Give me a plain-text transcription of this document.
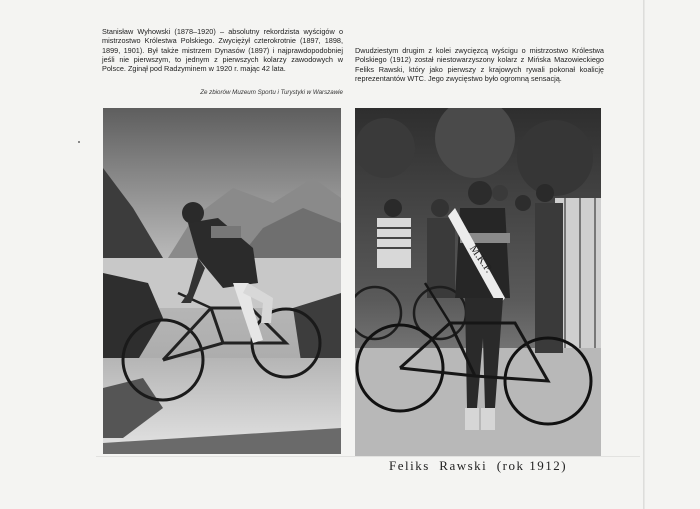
Stanisław Wyhowski (1878–1920) – absolutny rekordzista wyścigów o mistrzostwo Królestwa Polskiego. Zwyciężył czterokrotnie (1897, 1898, 1899, 1901). Był także mistrzem Dynasów (1897) i najprawdopodobniej jeśli nie pierwszym, to jednym z pierwszych kolarzy zawodowych w Polsce. Zginął pod Radzyminem w 1920 r. mając 42 lata.

Ze zbiorów Muzeum Sportu i Turystyki w Warszawie

Dwudziestym drugim z kolei zwycięzcą wyścigu o mistrzostwo Królestwa Polskiego (1912) został niestowarzyszony kolarz z Mińska Mazowieckiego Feliks Rawski, który jako pierwszy z krajowych rywali pokonał koalicję reprezentantów WTC. Jego zwycięstwo było ogromną sensacją.

M.K.P.
Feliks  Rawski  (rok 1912)
